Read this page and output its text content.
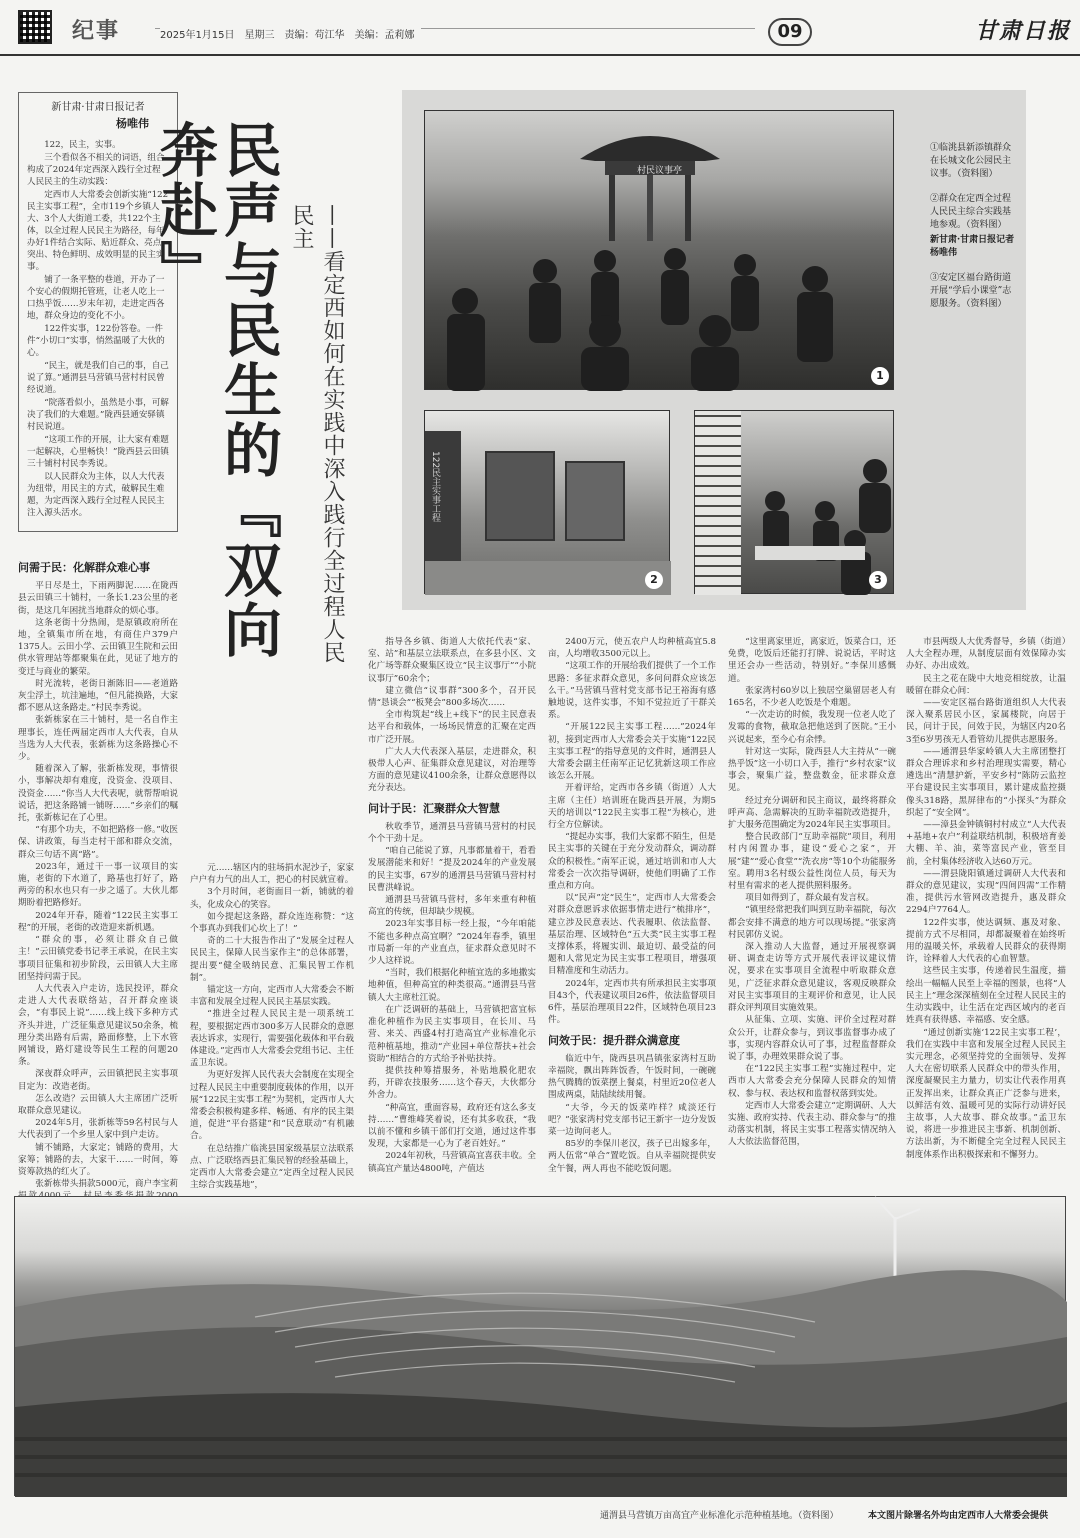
纪事	2025年1月15日　星期三　责编：苟江华　美编：孟莉娜	09	甘肃日报
新甘肃·甘肃日报记者
杨唯伟

122，民主，实事。

三个看似各不相关的词语，组合构成了2024年定西深入践行全过程人民民主的生动实践：

定西市人大常委会创新实施“122民主实事工程”，全市119个乡镇人大、3个人大街道工委，共122个主体，以全过程人民民主为路径，每年办好1件结合实际、贴近群众、亮点突出、特色鲜明、成效明显的民主实事。

铺了一条平整的巷道，开办了一个安心的假期托管班，让老人吃上一口热乎饭……岁末年初，走进定西各地，群众身边的变化不小。

122件实事，122份答卷。一件件“小切口”实事，悄然温暖了大伙的心。

“民主，就是我们自己的事，自己说了算。”通渭县马营镇马营村村民曾经说道。

“院落看似小，虽然是小事，可解决了我们的大难题。”陇西县通安驿镇村民说道。

“这项工作的开展，让大家有难题一起解决，心里畅快！”陇西县云田镇三十铺村村民李秀说。

以人民群众为主体，以人大代表为纽带，用民主的方式，破解民生难题，为定西深入践行全过程人民民主注入源头活水。	民声与民生的『双向奔赴』	——看定西如何在实践中深入践行全过程人民民主
村民议事亭
1
122民主实事工程
2	3

①临洮县新添镇群众在长城文化公园民主议事。（资料图）

②群众在定西全过程人民民主综合实践基地参观。（资料图）

新甘肃·甘肃日报记者 杨唯伟

③安定区福台路街道开展“学后小课堂”志愿服务。（资料图）

问需于民：化解群众难心事

平日尽是土，下雨两脚泥……在陇西县云田镇三十铺村，一条长1.23公里的老街，是这几年困扰当地群众的烦心事。

这条老街十分热闹，是原镇政府所在地，全镇集市所在地，有商住户379户1375人。云田小学、云田镇卫生院和云田供水管理站等都聚集在此，见证了地方的变迁与商业的繁荣。

时光流转，老街日渐陈旧——老道路灰尘浮土，坑洼遍地，“但凡能换路，大家都不愿从这条路走。”村民李秀说。

张新栋家在三十铺村，是一名自作主理事长，连任两届定西市人大代表，自从当选为人大代表，张新栋为这条路操心不少。

随着深入了解，张新栋发现，事情很小，事解决却有难度，没资金、没项目、没资金……“你当人大代表呢，就帮帮咱说说话，把这条路铺一铺呀……”乡亲们的嘱托，张新栋记在了心里。

“有那个功夫，不如把路修一修。”收医保、讲政策，每当走村干部和群众交流，群众三句话不离“路”。

2023年，通过干一事一议项目的实施，老街的下水道了，路基也打好了，路两旁的积水也只有一步之遥了。大伙儿都期盼着把路修好。

2024年开春，随着“122民主实事工程”的开展，老街的改造迎来新机遇。

“群众的事，必须让群众自己做主！”云田镇党委书记孝王承说，在民主实事项目征集和初步阶段，云田镇人大主席团坚持问需于民。

人大代表入户走访，选民投评，群众走进人大代表联络站，召开群众座谈会，“有事民上说”……线上线下多种方式齐头并进，广泛征集意见建议50余条，梳理分类出路有后需，路面修整，上下水管网铺设，路灯建设等民生工程的问题20条。

深夜群众呼声，云田镇把民主实事项目定为：改造老街。

怎么改造？云田镇人大主席团广泛听取群众意见建议。

2024年5月，张新栋等59名村民与人大代表到了一个乡里人家中到户走访。

铺不铺路，大家定；铺路的费用，大家筹；铺路的去，大家干……一时间，筹资筹款热的红火了。

张新栋带头捐款5000元，商户李宝莉

元……辖区内的驻场捐水泥沙子，家家户户有力气的出人工，把心的村民就宣着。

3个月时间，老街面目一新，铺就的着头，化成众心的笑容。

如今提起这条路，群众连连称赞：“这个事真办到我们心坎上了！”

奇的二十大报告作出了“发展全过程人民民主，保障人民当家作主”的总体部署，提出要“健全吸纳民意、汇集民智工作机制”。

锚定这一方向，定西市人大常委会不断丰富和发展全过程人民民主基层实践。

“推进全过程人民民主是一项系统工程，要根据定西市300多万人民群众的意愿表达诉求，实现行，需要强化载体和平台载体建设。”定西市人大常委会党组书记、主任孟卫东说。

为更好发挥人民代表大会制度在实现全过程人民民主中重要制度载体的作用，以开展“122民主实事工程”为契机，定西市人大常委会积极构建多样、畅通、有序的民主渠道，促进“平台搭建”和“民意联动”有机融合。

在总结推广临洮县国家级基层立法联系点、广泛联络西县汇集民智的经验基础上，定西市人大常委会建立“定西全过程人民民主综合实践基地”，

指导各乡镇、街道人大依托代表“家、室、站”和基层立法联系点，在多县小区、文化广场等群众聚集区设立“民主议事厅”“小院议事厅”60余个；

建立微信“议事群”300多个，召开民情“恳谈会”“板凳会”800多场次……

全市构筑起“线上+线下”的民主民意表达平台和载体，一场场民情意的汇聚在定西市广泛开展。

广大人大代表深入基层，走进群众，积极带人心声、征集群众意见建议，对治理等方面的意见建议4100余条，让群众意愿得以充分表达。

问计于民：汇聚群众大智慧

秋收季节，通渭县马营镇马营村的村民个个干劲十足。

“咱自己能说了算，凡事都量着干，看看发展潜能来和好！”提及2024年的产业发展的民主实事，67岁的通渭县马营镇马营村村民曹洪峰说。

通渭县马营镇马营村，多年来重有种植高宜的传统，但却缺少规模。

2023年实事目标一经上报，“今年咱能不能也多种点高宜啊？”2024年春季，镇里市局新一年的产业直点，征求群众意见时不少人这样说。

“当时，我们根据化种植宜选的多地撒实地种值，但种高宜的种类很高。”通渭县马营镇人大主席杜江说。

在广泛调研的基础上，马营镇把富宜标准化种植作为民主实事项目，在长川、马营、来关、西盛4村打造高宜产业标准化示范种植基地，推动“产业园+单位帮扶+社会资助”相结合的方式给予补贴扶持。

提供技种筹措服务，补贴地膜化肥农药，开辟农技服务……这个春天，大伙都分外舍力。

“种高宜，重面容易，政府还有这么多支持……”曹维峰笑着说，还有其多收获，“我以前不懂和乡镇干部们打交道，通过这件事发现，大家都是一心为了老百姓好。”

2024年初秋，马营镇高宜喜获丰收。全镇高宜产量达4800吨，产值达

2400万元，使五农户人均种植高宜5.8亩，人均增收3500元以上。

“这项工作的开展给我们提供了一个工作思路：多征求群众意见，多问问群众应该怎么干。”马营镇马营村党支部书记王裕海有感触地说，这件实事，不知不觉拉近了干群关系。

“开展122民主实事工程……”2024年初，接到定西市人大常委会关于实施“122民主实事工程”的指导意见的文件时，通渭县人大常委会副主任南军正记忆犹新这项工作应该怎么开展。

开着评给，定西市各乡镇（街道）人大主席（主任）培训班在陇西县开展，为期5天的培训以“122民主实事工程”为核心，进行全方位解读。

“提起办实事，我们大家都不陌生，但是民主实事的关键在于充分发动群众，调动群众的积极性。”南军正说，通过培训和市人大常委会一次次指导调研，使他们明确了工作重点和方向。

以“民声”定“民生”，定西市人大常委会对群众意愿诉求依据事情走进行“梳排序”，建立涉及民意表达、代表履职、依法监督、基层治理、区域特色“五大类”民主实事工程支撑体系，将履实训、最迫切、最受益的问题和人常见定为民主实事工程项目，增强项目精准度和生动活力。

2024年，定西市共有所承担民主实事项目43个，代表建议项目26件，依法监督项目6件，基层治理项目22件，区域特色项目23件。

问效于民：提升群众满意度

临近中午，陇西县巩昌镇张家湾村互助幸福院，飘出阵阵饭香，午饭时间，一碗碗热气腾腾的饭菜摆上餐桌，村里近20位老人围成两桌，陆陆续续用餐。

“大爷，今天的饭菜咋样？咸淡还行吧？”张家湾村党支部书记王新宇一边分发饭菜一边询问老人。

85岁的李保川老汉，孩子已出嫁多年，两人伍常“单合”置吃饭。自从幸福院提供安全午餐，两人再也不能吃饭问题。

“这里离家里近，离家近，饭菜合口，还免费，吃饭后还能打打牌、说说话，平时这里还会办一些活动，特别好。”李保川感慨道。

张家湾村60岁以上独居空巢留居老人有165名，不少老人吃饭是个难题。

“一次走访的时候，我发现一位老人吃了发霉的食物，截取急把他送到了医院。”王小兴说起来，至今心有余悸。

针对这一实际，陇西县人大主持从“一碗热乎饭”这一小切口入手，推行“乡村农家”议事会，聚集广益，整盘数金，征求群众意见。

经过充分调研和民主商议，最终将群众呼声高、急需解决的互助幸福院改造提升，扩大服务范围确定为2024年民主实事项目。

整合民政部门“互助幸福院”项目，利用村内闲置办事，建设“爱心之家”，开展“建”“爱心食堂”“洗衣房”等10个功能服务室。聘用3名村级公益性岗位人员，每天为村里有需求的老人提供照料服务。

项目如得到了，群众最有发言权。

“镇里经常把我们叫到互助幸福院，每次都会安排不满意的地方可以现场提。”张家湾村民郭仿义说。

深入推动人大监督，通过开展视察调研、调查走访等方式开展代表评议建议情况，要求在实事项目全流程中听取群众意见，广泛征求群众意见建议，客观反映群众对民主实事项目的主观评价和意见，让人民群众评判项目实施效果。

从征集、立项、实施、评价全过程对群众公开，让群众参与，到议事监督事办成了事，实现内容群众认可了事，过程监督群众说了事，办理效果群众说了事。

在“122民主实事工程”实施过程中，定西市人大常委会充分保障人民群众的知情权、参与权、表达权和监督权落到实处。

定西市人大常委会建立“定期调研、人大实施、政府实持、代表主动、群众参与”的推动落实机制，将民主实事工程落实情况纳入人大依法监督范围，

市县两级人大优秀督导，乡镇（街道）人大全程办理，从制度层面有效保障办实办好、办出成效。

民主之花在陇中大地竞相绽放，让温暖留在群众心间：

——安定区福台路街道组织人大代表深入聚系居民小区，家属楼院，向居于民，问计于民，问效于民，为辖区内20名3至6岁男孩无人看管幼儿提供志愿服务。

——通渭县华家岭镇人大主席团整打群众合理诉求和乡村治理现实需要，精心遴选出“清慧护新，平安乡村”陈防云监控平台建设民主实事项目，累计建成监控摄像头318路，黑屏律布的“小探头”为群众织起了“安全网”。

——漳县金钟镇铜村村成立“人大代表+基地+农户”利益联结机制，积极培育姜大棚、羊、油，菜等富民产业，管至目前，全村集体经济收入达60万元。

——渭县陇阳镇通过调研人大代表和群众的意见建议，实现“四间四需”工作精准，提供污水管网改造提升，惠及群众2294户7764人。

122件实事，使达调频、惠及对象、提前方式不尽相同，却都凝聚着在始终听用的温暖关怀，承载着人民群众的获得期许，诠释着人大代表的心血智慧。

这些民主实事，传递着民生温度，描绘出一幅幅人民至上幸福的图景，也将“人民主上”理念深深植刻在全过程人民民主的生动实践中，让生活在定西区域内的老百姓真有获得感、幸福感、安全感。

“通过创新实施‘122民主实事工程’，我们在实践中丰富和发展全过程人民民主实元理念，必须坚持党的全面领导、发挥人大在密切联系人民群众中的带头作用，深度凝聚民主力量力，切实让代表作用真正发挥出来，让群众真正广泛参与进来，以鲜活有效、温暖可见的实际行动讲好民主故事，人大故事、群众故事。”孟卫东说，将进一步推进民主事新、机制创新、方法出新，为不断健全完全过程人民民主制度体系作出积极探索和不懈努力。

通渭县马营镇万亩高宜产业标准化示范种植基地。（资料图）	本文图片除署名外均由定西市人大常委会提供
